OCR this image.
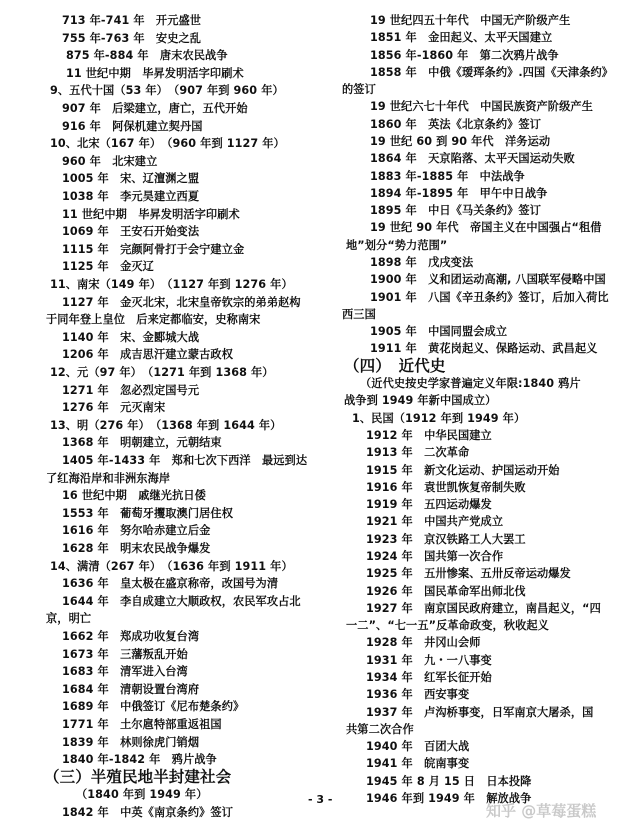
713 年-741 年　开元盛世
755 年-763 年　安史之乱
875 年-884 年　唐末农民战争
11 世纪中期　毕昇发明活字印刷术
9、五代十国（53 年）　（907 年到 960 年）
907 年　后梁建立，唐亡，五代开始
916 年　阿保机建立契丹国
10、北宋（167 年）　（960 年到 1127 年）
960 年　北宋建立
1005 年　宋、辽澶渊之盟
1038 年　李元昊建立西夏
11 世纪中期　毕昇发明活字印刷术
1069 年　王安石开始变法
1115 年　完颜阿骨打于会宁建立金
1125 年　金灭辽
11、南宋（149 年）　（1127 年到 1276 年）
1127 年　金灭北宋，北宋皇帝钦宗的弟弟赵构
于同年登上皇位　后来定都临安，史称南宋
1140 年　宋、金郾城大战
1206 年　成吉思汗建立蒙古政权
12、元（97 年）　（1271 年到 1368 年）
1271 年　忽必烈定国号元
1276 年　元灭南宋
13、明（276 年）　（1368 年到 1644 年）
1368 年　明朝建立，元朝结束
1405 年-1433 年　郑和七次下西洋　最远到达
了红海沿岸和非洲东海岸
16 世纪中期　戚继光抗日倭
1553 年　葡萄牙攫取澳门居住权
1616 年　努尔哈赤建立后金
1628 年　明末农民战争爆发
14、满清（267 年）　（1636 年到 1911 年）
1636 年　皇太极在盛京称帝，改国号为清
1644 年　李自成建立大顺政权，农民军攻占北
京，明亡
1662 年　郑成功收复台湾
1673 年　三藩叛乱开始
1683 年　清军进入台湾
1684 年　清朝设置台湾府
1689 年　中俄签订《尼布楚条约》
1771 年　土尔扈特部重返祖国
1839 年　林则徐虎门销烟
1840 年-1842 年　鸦片战争
（三）半殖民地半封建社会
（1840 年到 1949 年）
1842 年　中英《南京条约》签订
19 世纪四五十年代　中国无产阶级产生
1851 年　金田起义、太平天国建立
1856 年-1860 年　第二次鸦片战争
1858 年　中俄《瑷珲条约》.四国《天津条约》
的签订
19 世纪六七十年代　中国民族资产阶级产生
1860 年　英法《北京条约》签订
19 世纪 60 到 90 年代　洋务运动
1864 年　天京陷落、太平天国运动失败
1883 年-1885 年　中法战争
1894 年-1895 年　甲午中日战争
1895 年　中日《马关条约》签订
19 世纪 90 年代　帝国主义在中国强占“租借
地”划分“势力范围”
1898 年　戊戌变法
1900 年　义和团运动高潮, 八国联军侵略中国
1901 年　八国《辛丑条约》签订，后加入荷比
西三国
1905 年　中国同盟会成立
1911 年　黄花岗起义、保路运动、武昌起义
（四）　近代史
（近代史按史学家普遍定义年限:1840 鸦片
战争到 1949 年新中国成立）
1、民国（1912 年到 1949 年）
1912 年　中华民国建立
1913 年　二次革命
1915 年　新文化运动、护国运动开始
1916 年　袁世凯恢复帝制失败
1919 年　五四运动爆发
1921 年　中国共产党成立
1923 年　京汉铁路工人大罢工
1924 年　国共第一次合作
1925 年　五卅惨案、五卅反帝运动爆发
1926 年　国民革命军出师北伐
1927 年　南京国民政府建立，南昌起义，“四
一二”、“七一五”反革命政变，秋收起义
1928 年　井冈山会师
1931 年　九・一八事变
1934 年　红军长征开始
1936 年　西安事变
1937 年　卢沟桥事变，日军南京大屠杀，国
共第二次合作
1940 年　百团大战
1941 年　皖南事变
1945 年 8 月 15 日　日本投降
1946 年到 1949 年　解放战争
- 3 -
知乎 @草莓蛋糕
